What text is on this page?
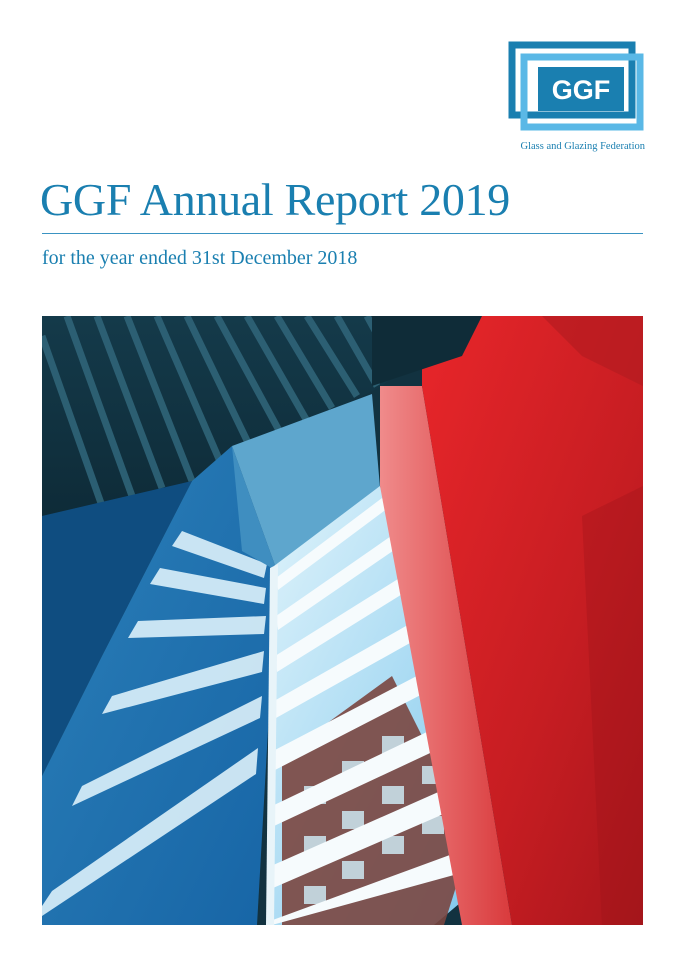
GGF
Glass and Glazing Federation
GGF Annual Report 2019
for the year ended 31st December 2018
